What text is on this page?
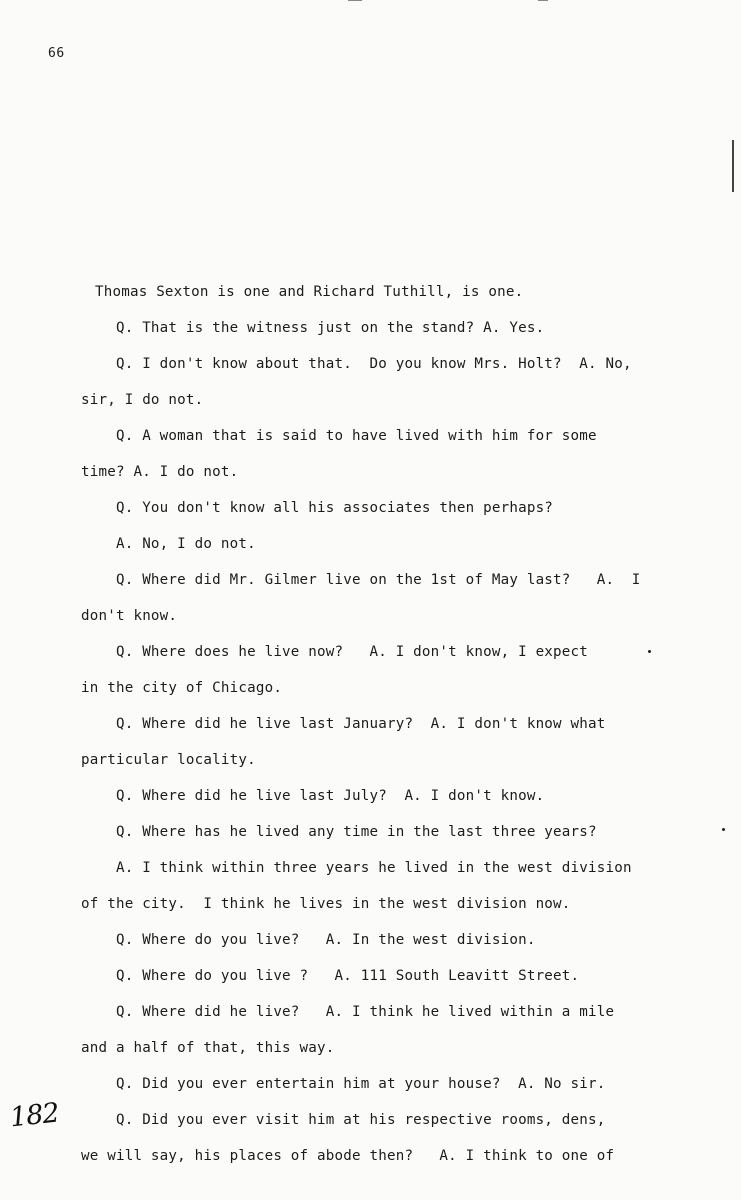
66
Thomas Sexton is one and Richard Tuthill, is one.
Q. That is the witness just on the stand? A. Yes.
Q. I don't know about that.  Do you know Mrs. Holt?  A. No,
sir, I do not.
Q. A woman that is said to have lived with him for some
time? A. I do not.
Q. You don't know all his associates then perhaps?
A. No, I do not.
Q. Where did Mr. Gilmer live on the 1st of May last?   A.  I
don't know.
Q. Where does he live now?   A. I don't know, I expect
in the city of Chicago.
Q. Where did he live last January?  A. I don't know what
particular locality.
Q. Where did he live last July?  A. I don't know.
Q. Where has he lived any time in the last three years?
A. I think within three years he lived in the west division
of the city.  I think he lives in the west division now.
Q. Where do you live?   A. In the west division.
Q. Where do you live ?   A. 111 South Leavitt Street.
Q. Where did he live?   A. I think he lived within a mile
and a half of that, this way.
Q. Did you ever entertain him at your house?  A. No sir.
Q. Did you ever visit him at his respective rooms, dens,
we will say, his places of abode then?   A. I think to one of
182
